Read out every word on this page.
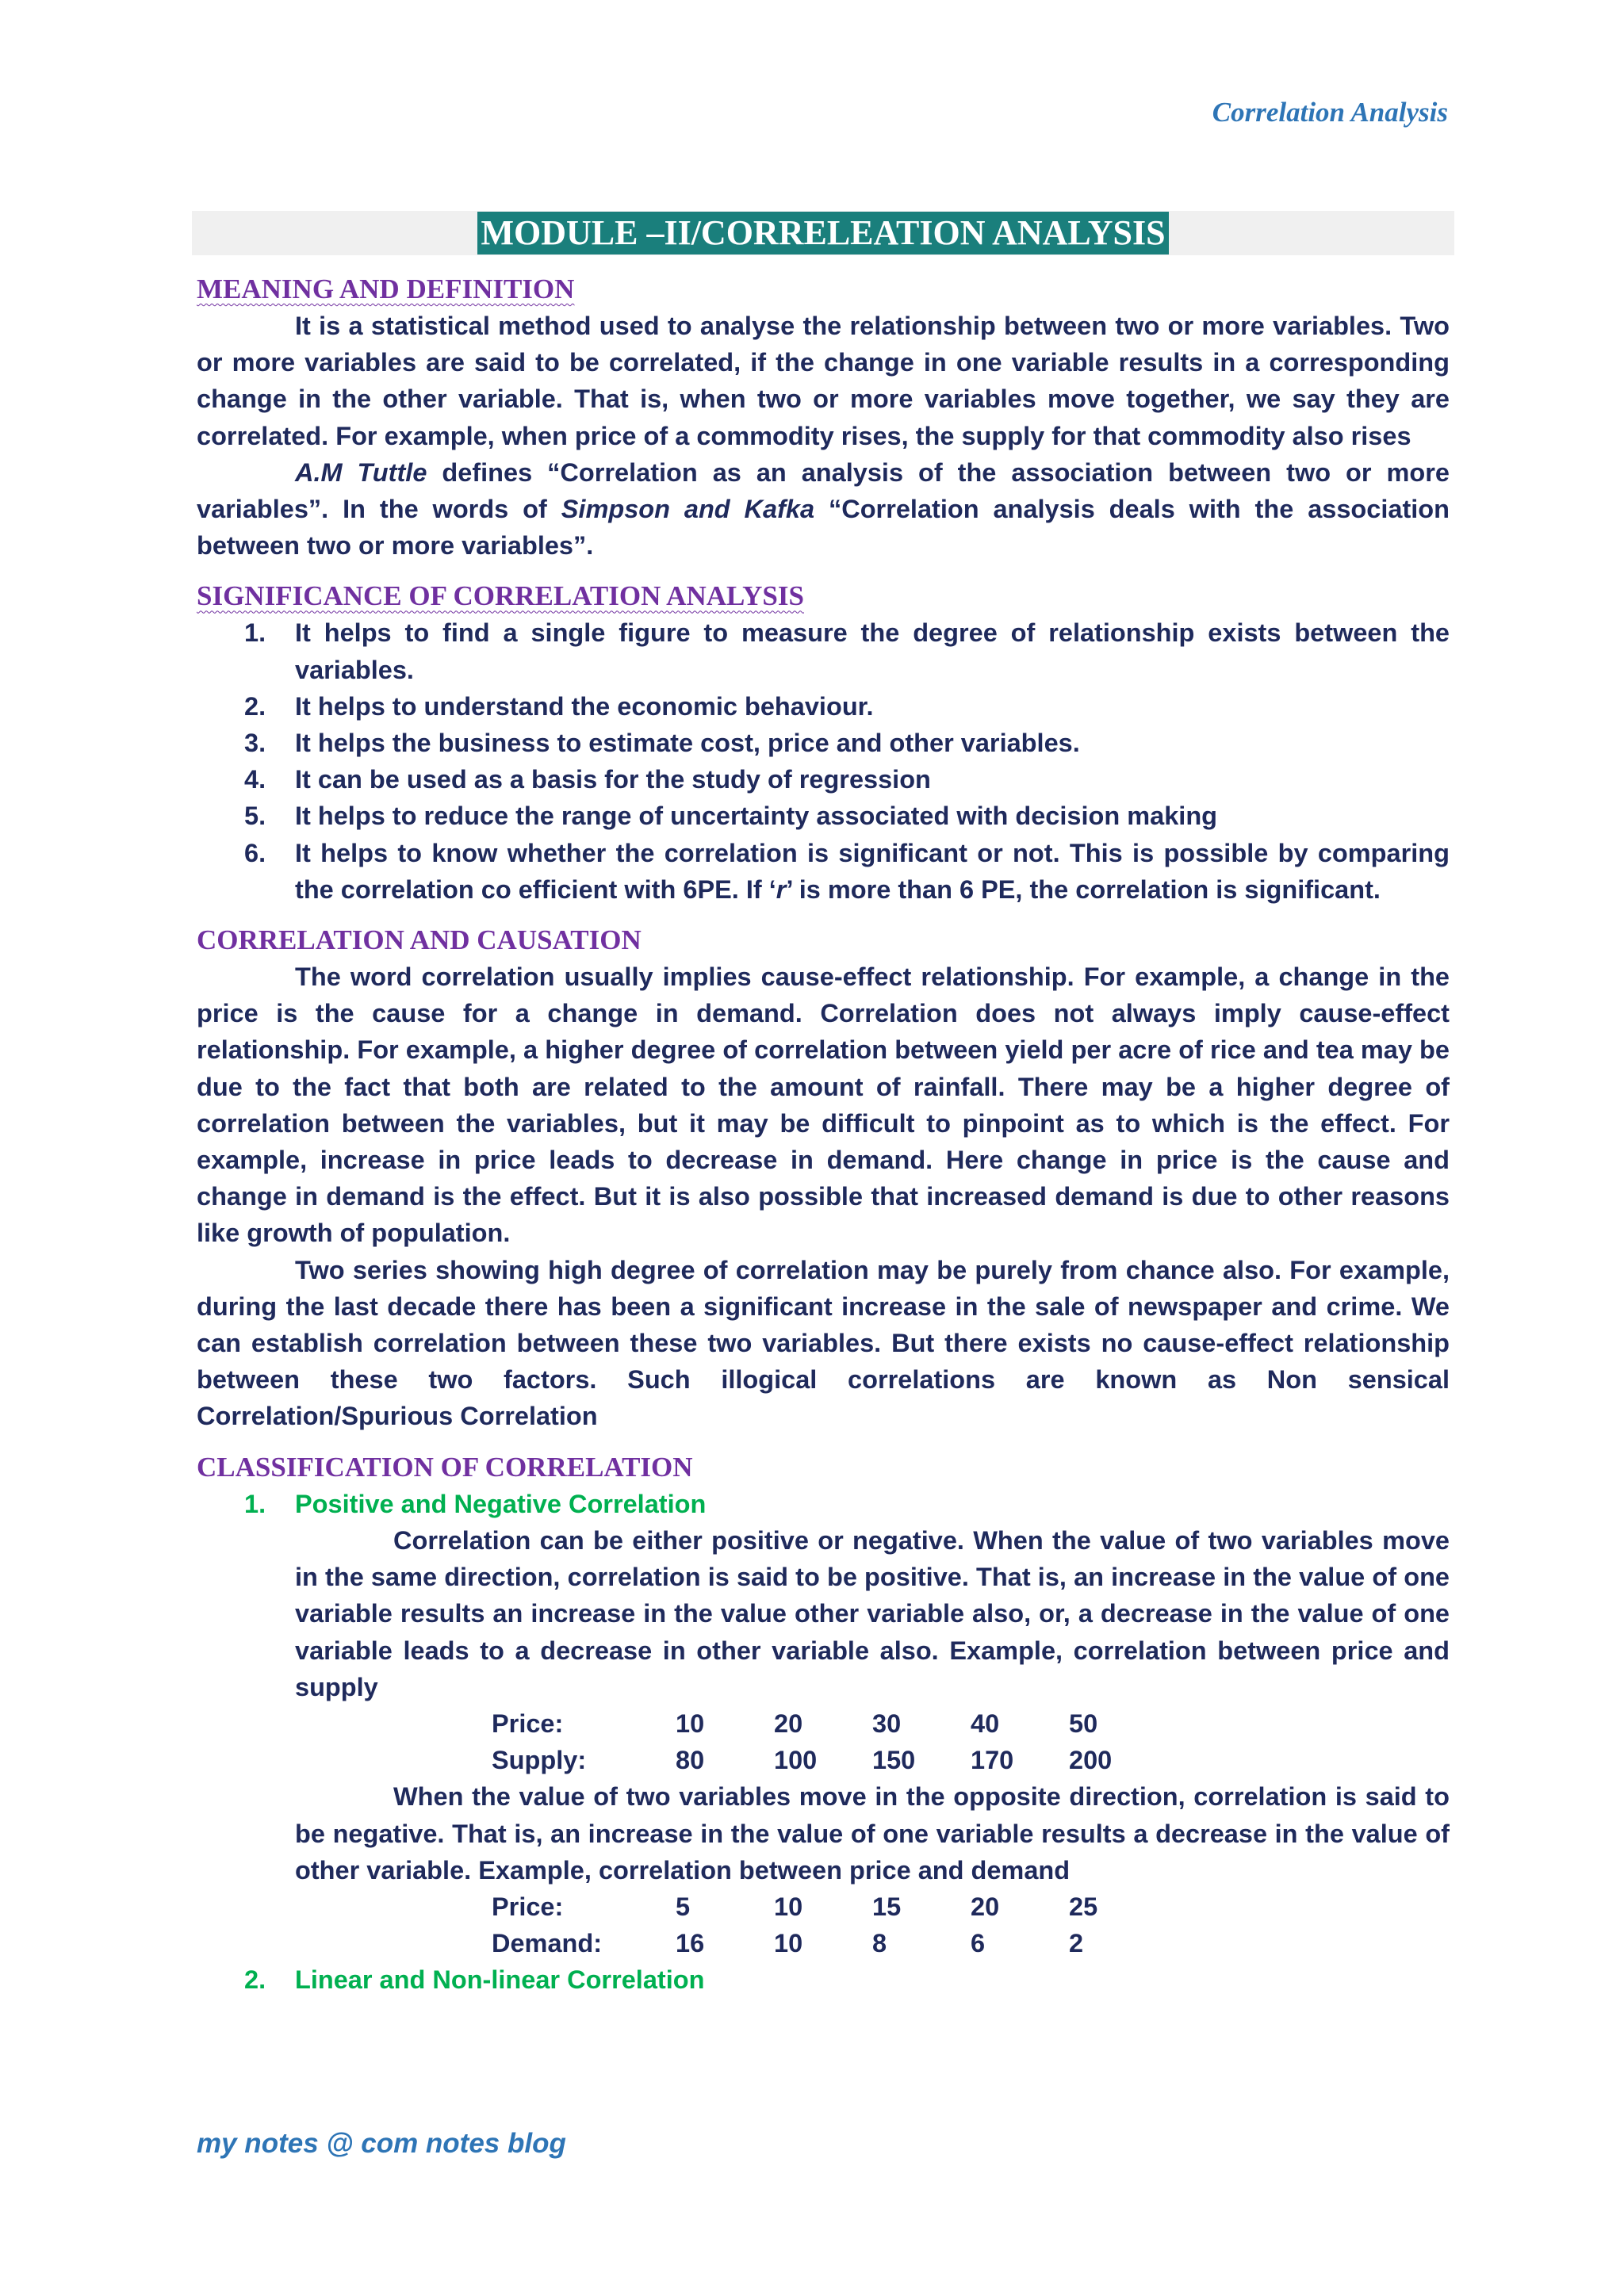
Correlation Analysis
MODULE –II/CORRELEATION ANALYSIS
MEANING AND DEFINITION

It is a statistical method used to analyse the relationship between two or more variables. Two or more variables are said to be correlated, if the change in one variable results in a corresponding change in the other variable. That is, when two or more variables move together, we say they are correlated. For example, when price of a commodity rises, the supply for that commodity also rises

A.M Tuttle defines “Correlation as an analysis of the association between two or more variables”. In the words of Simpson and Kafka “Correlation analysis deals with the association between two or more variables”.

SIGNIFICANCE OF CORRELATION ANALYSIS
1. It helps to find a single figure to measure the degree of relationship exists between the variables.
2. It helps to understand the economic behaviour.
3. It helps the business to estimate cost, price and other variables.
4. It can be used as a basis for the study of regression
5. It helps to reduce the range of uncertainty associated with decision making
6. It helps to know whether the correlation is significant or not. This is possible by comparing the correlation co efficient with 6PE. If ‘r’ is more than 6 PE, the correlation is significant.
CORRELATION AND CAUSATION

The word correlation usually implies cause-effect relationship. For example, a change in the price is the cause for a change in demand. Correlation does not always imply cause-effect relationship. For example, a higher degree of correlation between yield per acre of rice and tea may be due to the fact that both are related to the amount of rainfall. There may be a higher degree of correlation between the variables, but it may be difficult to pinpoint as to which is the effect. For example, increase in price leads to decrease in demand. Here change in price is the cause and change in demand is the effect. But it is also possible that increased demand is due to other reasons like growth of population.

Two series showing high degree of correlation may be purely from chance also. For example, during the last decade there has been a significant increase in the sale of newspaper and crime. We can establish correlation between these two variables. But there exists no cause-effect relationship between these two factors. Such illogical correlations are known as Non sensical Correlation/Spurious Correlation

CLASSIFICATION OF CORRELATION
1. Positive and Negative Correlation

Correlation can be either positive or negative. When the value of two variables move in the same direction, correlation is said to be positive. That is, an increase in the value of one variable results an increase in the value other variable also, or, a decrease in the value of one variable leads to a decrease in other variable also. Example, correlation between price and supply

Price:	10	20	30	40	50
Supply:	80	100	150	170	200

When the value of two variables move in the opposite direction, correlation is said to be negative. That is, an increase in the value of one variable results a decrease in the value of other variable. Example, correlation between price and demand

Price:	5	10	15	20	25
Demand:	16	10	8	6	2
2. Linear and Non-linear Correlation
my notes @ com notes blog
